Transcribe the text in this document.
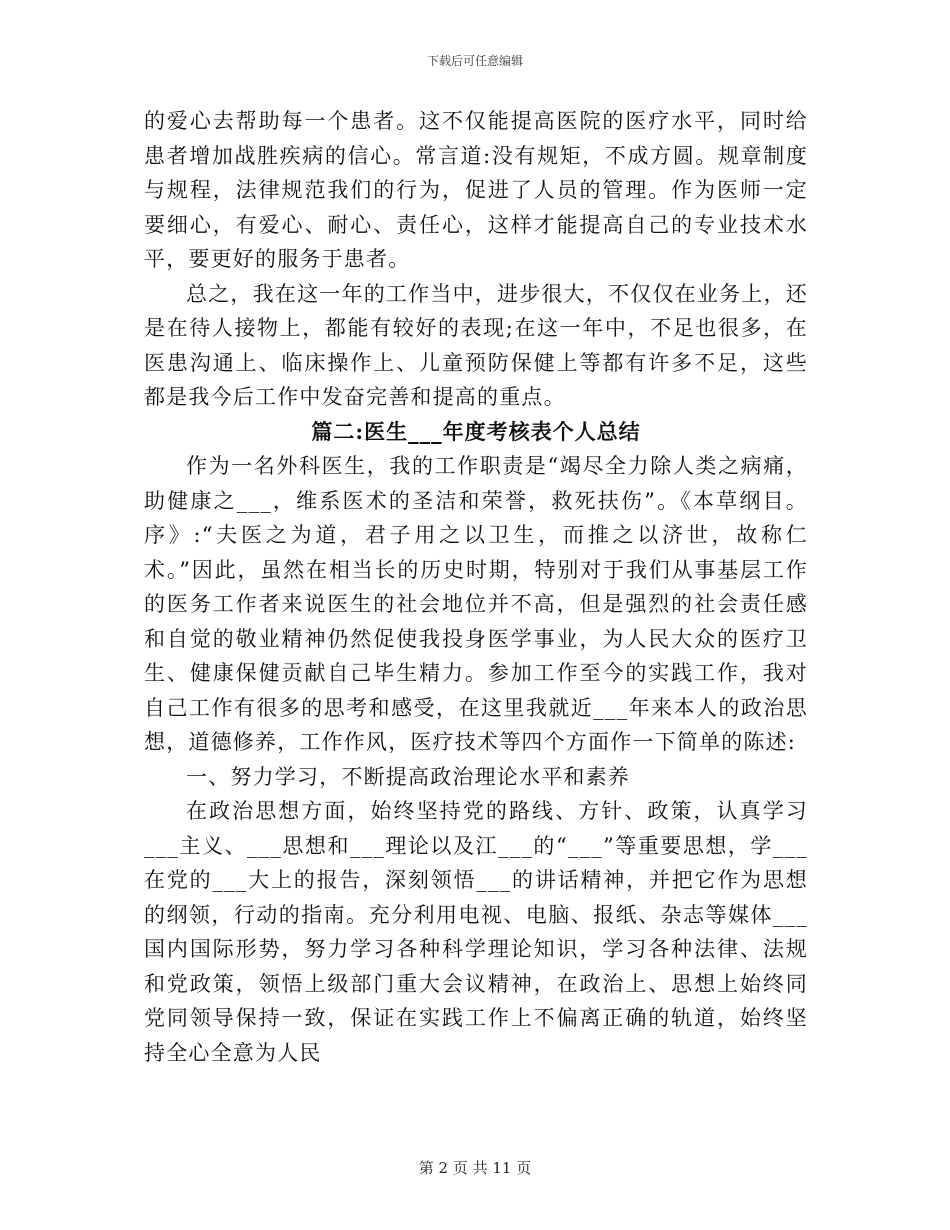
下载后可任意编辑

的爱心去帮助每一个患者。这不仅能提高医院的医疗水平，同时给患者增加战胜疾病的信心。常言道:没有规矩，不成方圆。规章制度与规程，法律规范我们的行为，促进了人员的管理。作为医师一定要细心，有爱心、耐心、责任心，这样才能提高自己的专业技术水平，要更好的服务于患者。

总之，我在这一年的工作当中，进步很大，不仅仅在业务上，还是在待人接物上，都能有较好的表现;在这一年中，不足也很多，在医患沟通上、临床操作上、儿童预防保健上等都有许多不足，这些都是我今后工作中发奋完善和提高的重点。

篇二:医生___年度考核表个人总结

作为一名外科医生，我的工作职责是“竭尽全力除人类之病痛，助健康之___，维系医术的圣洁和荣誉，救死扶伤”。《本草纲目。序》:“夫医之为道，君子用之以卫生，而推之以济世，故称仁术。”因此，虽然在相当长的历史时期，特别对于我们从事基层工作的医务工作者来说医生的社会地位并不高，但是强烈的社会责任感和自觉的敬业精神仍然促使我投身医学事业，为人民大众的医疗卫生、健康保健贡献自己毕生精力。参加工作至今的实践工作，我对自己工作有很多的思考和感受，在这里我就近___年来本人的政治思想，道德修养，工作作风，医疗技术等四个方面作一下简单的陈述:

一、努力学习，不断提高政治理论水平和素养

在政治思想方面，始终坚持党的路线、方针、政策，认真学习___主义、___思想和___理论以及江___的“___”等重要思想，学___在党的___大上的报告，深刻领悟___的讲话精神，并把它作为思想的纲领，行动的指南。充分利用电视、电脑、报纸、杂志等媒体___国内国际形势，努力学习各种科学理论知识，学习各种法律、法规和党政策，领悟上级部门重大会议精神，在政治上、思想上始终同党同领导保持一致，保证在实践工作上不偏离正确的轨道，始终坚持全心全意为人民

第 2 页 共 11 页
